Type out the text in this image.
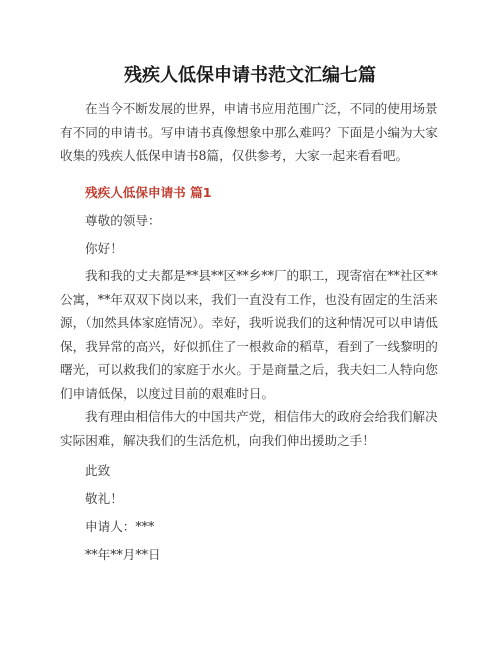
残疾人低保申请书范文汇编七篇

在当今不断发展的世界，申请书应用范围广泛，不同的使用场景有不同的申请书。写申请书真像想象中那么难吗？下面是小编为大家收集的残疾人低保申请书8篇，仅供参考，大家一起来看看吧。

残疾人低保申请书 篇1

尊敬的领导：

你好！

我和我的丈夫都是**县**区**乡**厂的职工，现寄宿在**社区**公寓，**年双双下岗以来，我们一直没有工作，也没有固定的生活来源，（加然具体家庭情况）。幸好，我听说我们的这种情况可以申请低保，我异常的高兴，好似抓住了一根救命的稻草，看到了一线黎明的曙光，可以救我们的家庭于水火。于是商量之后，我夫妇二人特向您们申请低保，以度过目前的艰难时日。

我有理由相信伟大的中国共产党，相信伟大的政府会给我们解决实际困难，解决我们的生活危机，向我们伸出援助之手！

此致

敬礼！

申请人：***

**年**月**日
